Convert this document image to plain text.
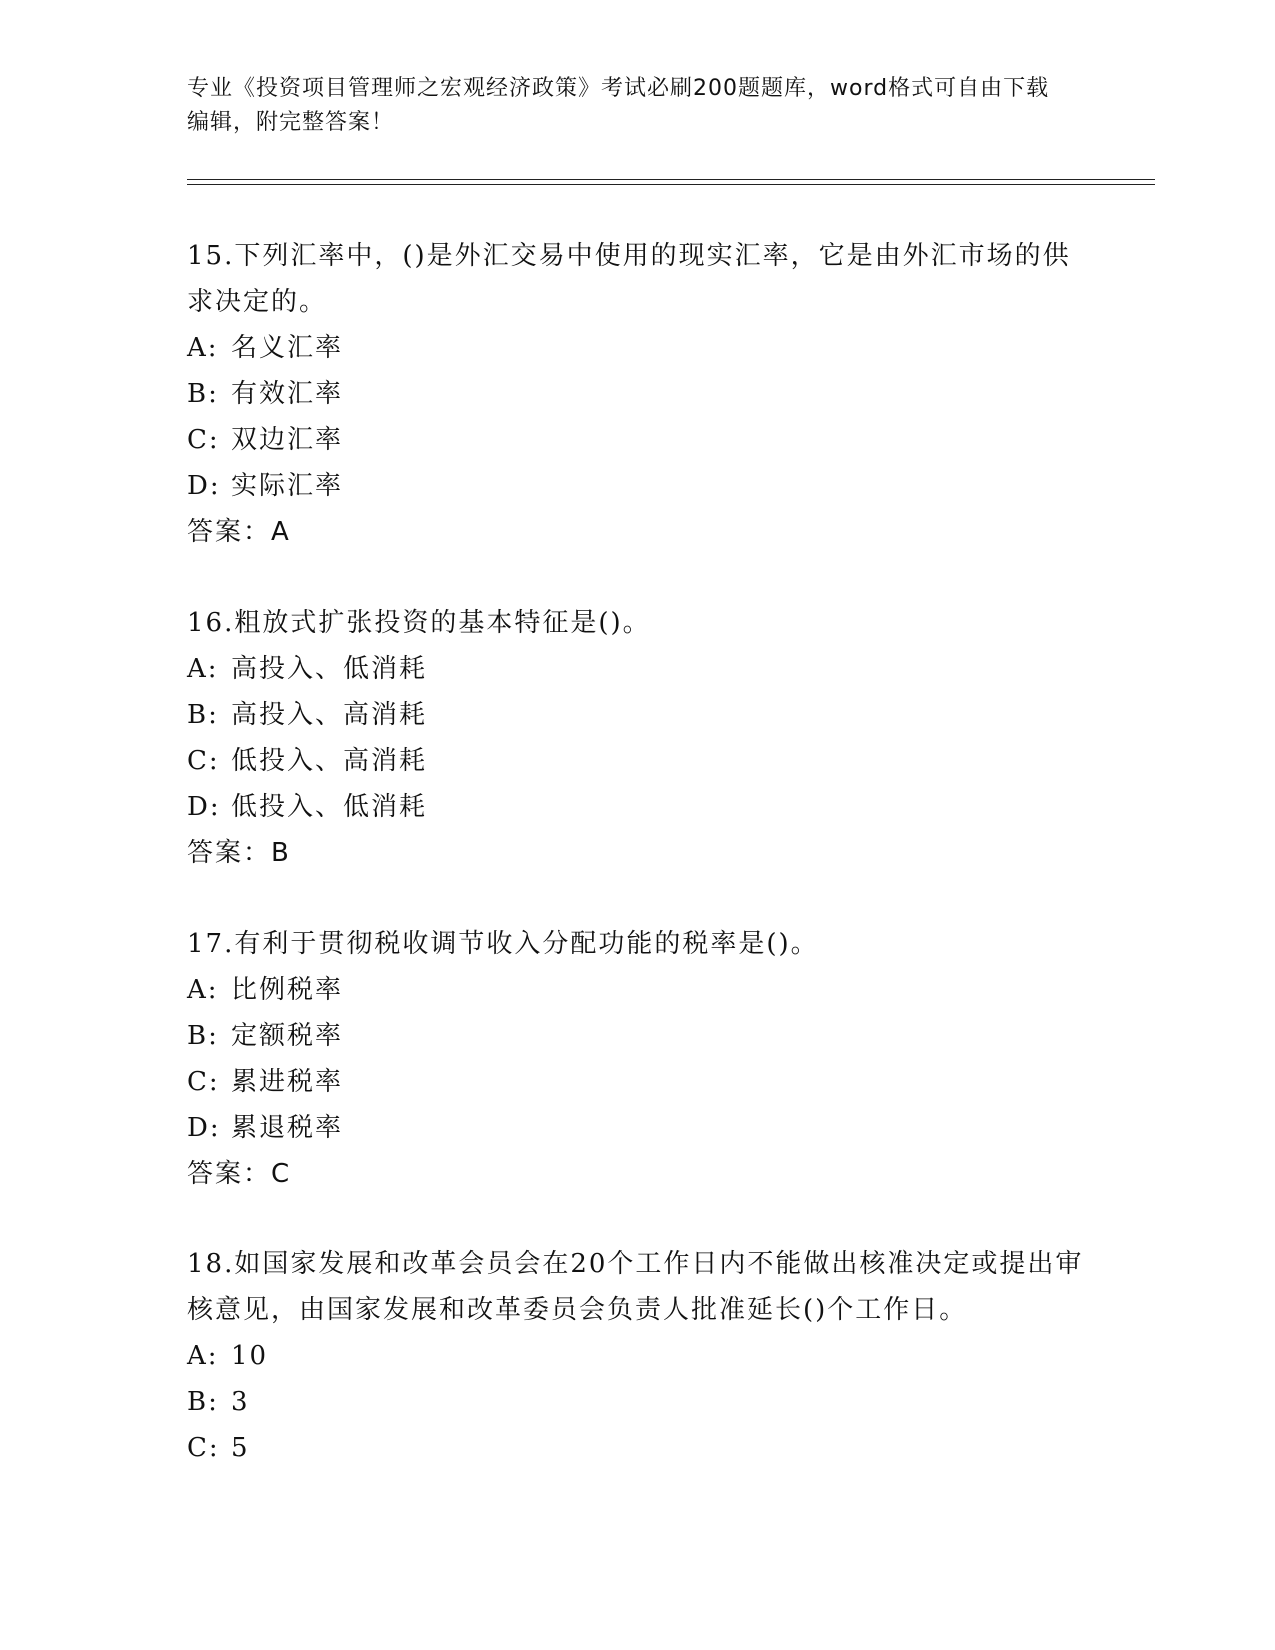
专业《投资项目管理师之宏观经济政策》考试必刷200题题库，word格式可自由下载编辑，附完整答案！
15.下列汇率中，()是外汇交易中使用的现实汇率，它是由外汇市场的供求决定的。
A: 名义汇率
B: 有效汇率
C: 双边汇率
D: 实际汇率
答案：A
16.粗放式扩张投资的基本特征是()。
A: 高投入、低消耗
B: 高投入、高消耗
C: 低投入、高消耗
D: 低投入、低消耗
答案：B
17.有利于贯彻税收调节收入分配功能的税率是()。
A: 比例税率
B: 定额税率
C: 累进税率
D: 累退税率
答案：C
18.如国家发展和改革会员会在20个工作日内不能做出核准决定或提出审核意见，由国家发展和改革委员会负责人批准延长()个工作日。
A: 10
B: 3
C: 5
